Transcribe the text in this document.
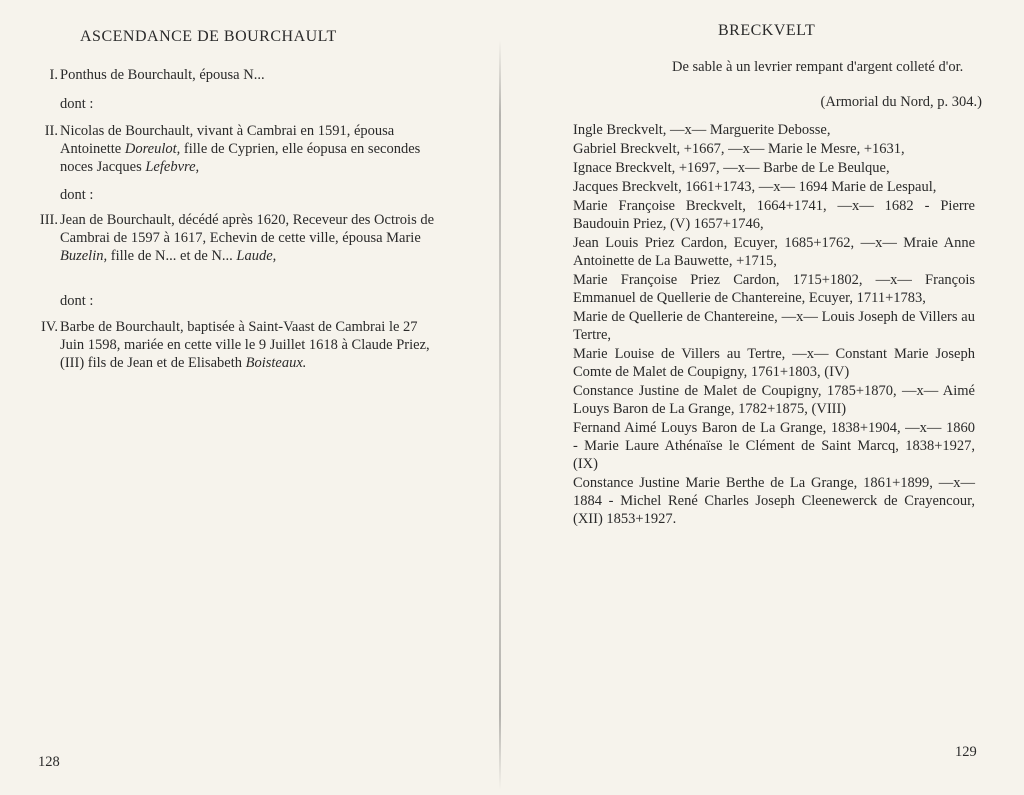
ASCENDANCE DE BOURCHAULT
I. Ponthus de Bourchault, épousa N...
dont :
II. Nicolas de Bourchault, vivant à Cambrai en 1591, épousa Antoinette Doreulot, fille de Cyprien, elle éopusa en secondes noces Jacques Lefebvre,
dont :
III. Jean de Bourchault, décédé après 1620, Receveur des Octrois de Cambrai de 1597 à 1617, Echevin de cette ville, épousa Marie Buzelin, fille de N... et de N... Laude,
dont :
IV. Barbe de Bourchault, baptisée à Saint-Vaast de Cambrai le 27 Juin 1598, mariée en cette ville le 9 Juillet 1618 à Claude Priez, (III) fils de Jean et de Elisabeth Boisteaux.
128
BRECKVELT
De sable à un levrier rempant d'argent colleté d'or.
(Armorial du Nord, p. 304.)

Ingle Breckvelt, —x— Marguerite Debosse,

Gabriel Breckvelt, +1667, —x— Marie le Mesre, +1631,

Ignace Breckvelt, +1697, —x— Barbe de Le Beulque,

Jacques Breckvelt, 1661+1743, —x— 1694 Marie de Lespaul,

Marie Françoise Breckvelt, 1664+1741, —x— 1682 - Pierre Baudouin Priez, (V) 1657+1746,

Jean Louis Priez Cardon, Ecuyer, 1685+1762, —x— Mraie Anne Antoinette de La Bauwette, +1715,

Marie Françoise Priez Cardon, 1715+1802, —x— François Emmanuel de Quellerie de Chantereine, Ecuyer, 1711+1783,

Marie de Quellerie de Chantereine, —x— Louis Joseph de Villers au Tertre,

Marie Louise de Villers au Tertre, —x— Constant Marie Joseph Comte de Malet de Coupigny, 1761+1803, (IV)

Constance Justine de Malet de Coupigny, 1785+1870, —x— Aimé Louys Baron de La Grange, 1782+1875, (VIII)

Fernand Aimé Louys Baron de La Grange, 1838+1904, —x— 1860 - Marie Laure Athénaïse le Clément de Saint Marcq, 1838+1927, (IX)

Constance Justine Marie Berthe de La Grange, 1861+1899, —x— 1884 - Michel René Charles Joseph Cleenewerck de Crayencour, (XII) 1853+1927.

129
